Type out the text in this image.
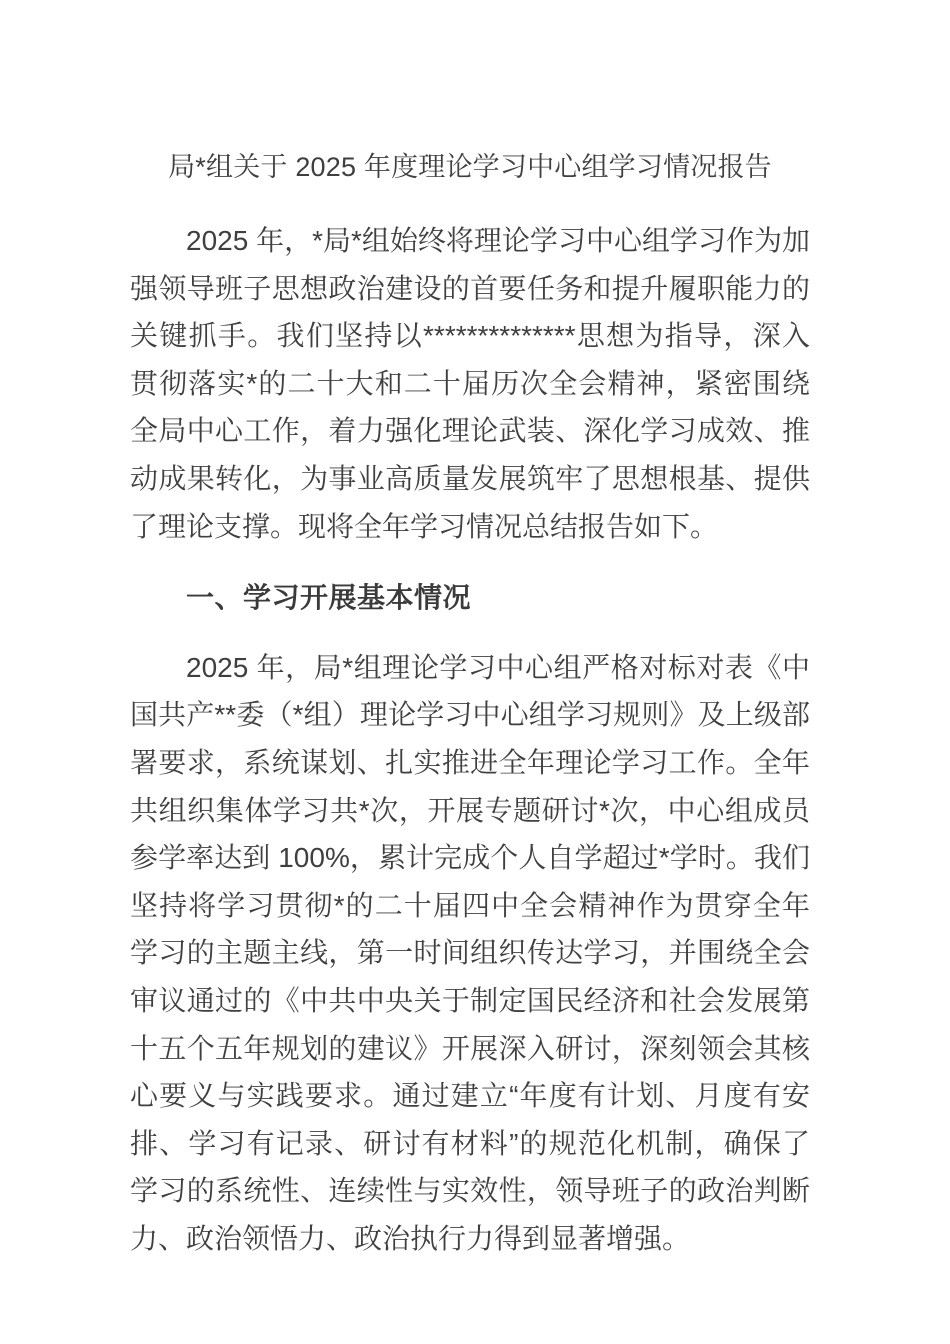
局*组关于 2025 年度理论学习中心组学习情况报告

2025 年，*局*组始终将理论学习中心组学习作为加强领导班子思想政治建设的首要任务和提升履职能力的关键抓手。我们坚持以**************思想为指导，深入贯彻落实*的二十大和二十届历次全会精神，紧密围绕全局中心工作，着力强化理论武装、深化学习成效、推动成果转化，为事业高质量发展筑牢了思想根基、提供了理论支撑。现将全年学习情况总结报告如下。

一、学习开展基本情况

2025 年，局*组理论学习中心组严格对标对表《中国共产**委（*组）理论学习中心组学习规则》及上级部署要求，系统谋划、扎实推进全年理论学习工作。全年共组织集体学习共*次，开展专题研讨*次，中心组成员参学率达到 100%，累计完成个人自学超过*学时。我们坚持将学习贯彻*的二十届四中全会精神作为贯穿全年学习的主题主线，第一时间组织传达学习，并围绕全会审议通过的《中共中央关于制定国民经济和社会发展第十五个五年规划的建议》开展深入研讨，深刻领会其核心要义与实践要求。通过建立“年度有计划、月度有安排、学习有记录、研讨有材料”的规范化机制，确保了学习的系统性、连续性与实效性，领导班子的政治判断力、政治领悟力、政治执行力得到显著增强。
